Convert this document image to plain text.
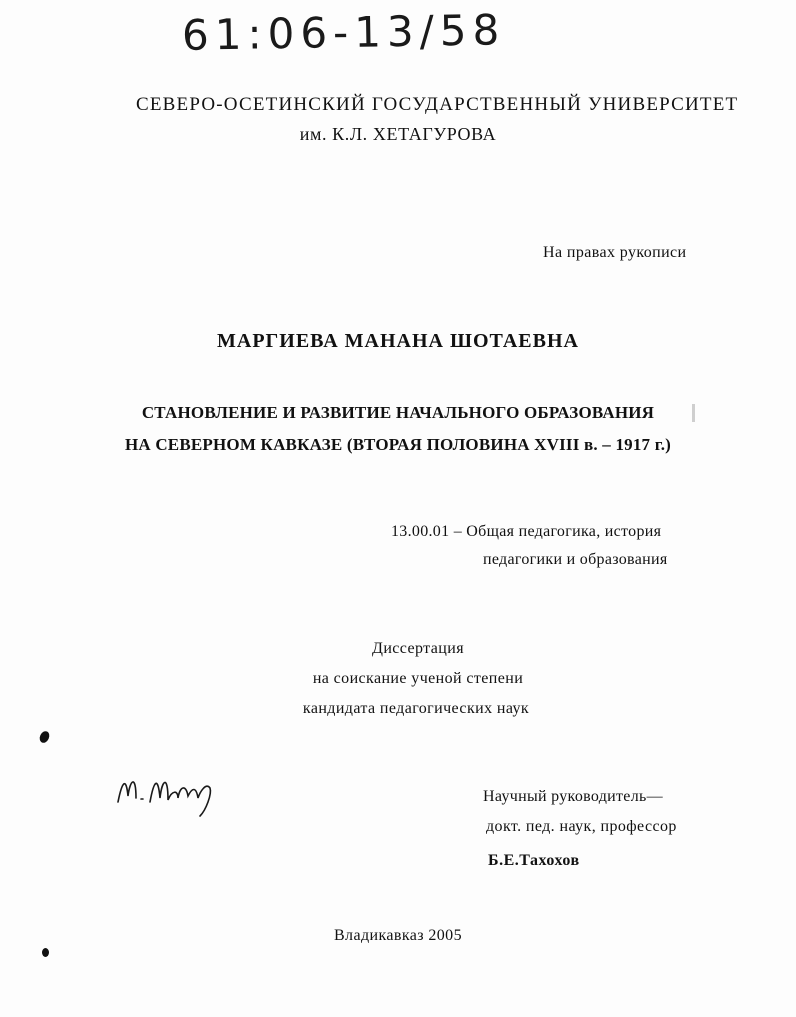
61:06-13/58
СЕВЕРО-ОСЕТИНСКИЙ ГОСУДАРСТВЕННЫЙ УНИВЕРСИТЕТ
им. К.Л. ХЕТАГУРОВА
На правах рукописи
МАРГИЕВА МАНАНА ШОТАЕВНА
СТАНОВЛЕНИЕ И РАЗВИТИЕ НАЧАЛЬНОГО ОБРАЗОВАНИЯ
НА СЕВЕРНОМ КАВКАЗЕ (ВТОРАЯ ПОЛОВИНА XVIII в. – 1917 г.)
13.00.01 – Общая педагогика, история
педагогики и образования
Диссертация
на соискание ученой степени
кандидата педагогических наук
Научный руководитель—
докт. пед. наук, профессор
Б.Е.Тахохов
Владикавказ 2005
